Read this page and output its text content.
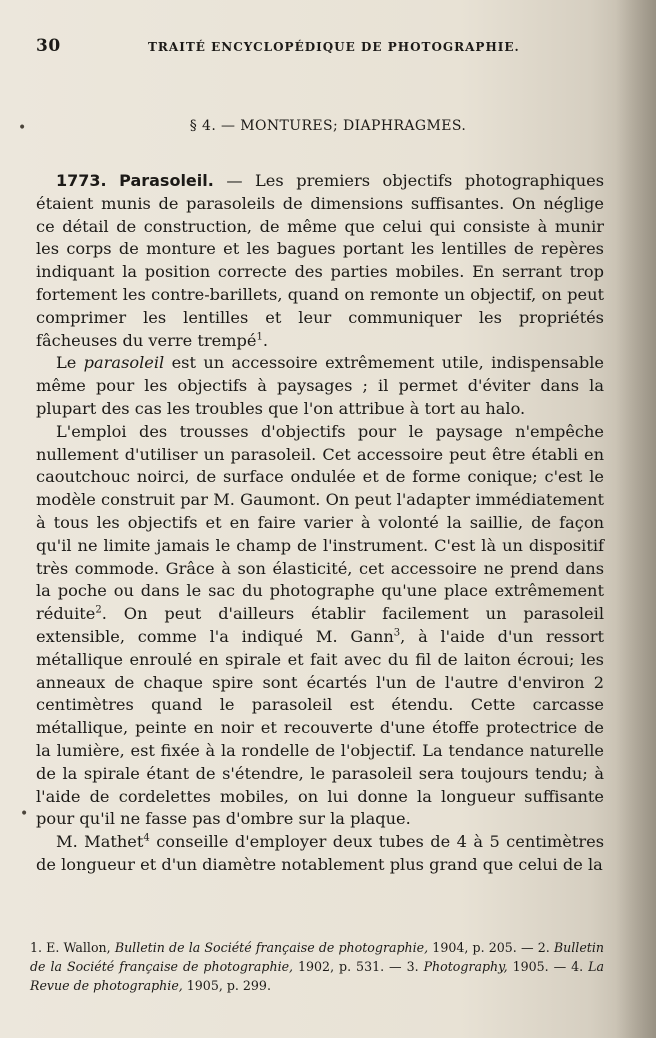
30	TRAITÉ ENCYCLOPÉDIQUE DE PHOTOGRAPHIE.
§ 4. — MONTURES; DIAPHRAGMES.

1773. Parasoleil. — Les premiers objectifs photographiques étaient munis de parasoleils de dimensions suffisantes. On néglige ce détail de construction, de même que celui qui consiste à munir les corps de monture et les bagues portant les lentilles de repères indiquant la position correcte des parties mobiles. En serrant trop fortement les contre-barillets, quand on remonte un objectif, on peut comprimer les lentilles et leur communiquer les propriétés fâcheuses du verre trempé$^1$.

Le parasoleil est un accessoire extrêmement utile, indispensable même pour les objectifs à paysages ; il permet d'éviter dans la plupart des cas les troubles que l'on attribue à tort au halo.

L'emploi des trousses d'objectifs pour le paysage n'empêche nullement d'utiliser un parasoleil. Cet accessoire peut être établi en caoutchouc noirci, de surface ondulée et de forme conique; c'est le modèle construit par M. Gaumont. On peut l'adapter immédiatement à tous les objectifs et en faire varier à volonté la saillie, de façon qu'il ne limite jamais le champ de l'instrument. C'est là un dispositif très commode. Grâce à son élasticité, cet accessoire ne prend dans la poche ou dans le sac du photographe qu'une place extrêmement réduite$^2$. On peut d'ailleurs établir facilement un parasoleil extensible, comme l'a indiqué M. Gann$^3$, à l'aide d'un ressort métallique enroulé en spirale et fait avec du fil de laiton écroui; les anneaux de chaque spire sont écartés l'un de l'autre d'environ 2 centimètres quand le parasoleil est étendu. Cette carcasse métallique, peinte en noir et recouverte d'une étoffe protectrice de la lumière, est fixée à la rondelle de l'objectif. La tendance naturelle de la spirale étant de s'étendre, le parasoleil sera toujours tendu; à l'aide de cordelettes mobiles, on lui donne la longueur suffisante pour qu'il ne fasse pas d'ombre sur la plaque.

M. Mathet$^4$ conseille d'employer deux tubes de 4 à 5 centimètres de longueur et d'un diamètre notablement plus grand que celui de la

1. E. Wallon, Bulletin de la Société française de photographie, 1904, p. 205. — 2. Bulletin de la Société française de photographie, 1902, p. 531. — 3. Photography, 1905. — 4. La Revue de photographie, 1905, p. 299.
•
•
